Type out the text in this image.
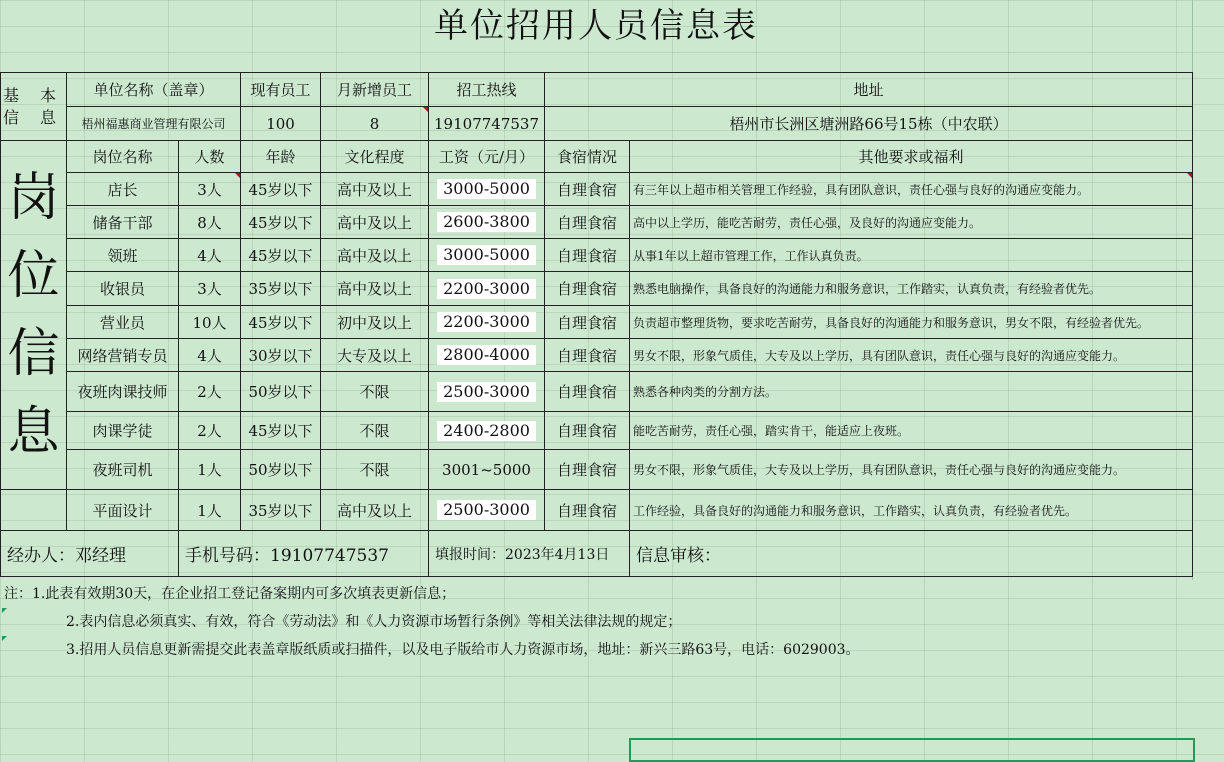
单位招用人员信息表
基 本 信 息	单位名称（盖章）		现有员工	月新增员工	招工热线	地址	
	梧州福惠商业管理有限公司		100	8	19107747537	梧州市长洲区塘洲路66号15栋（中农联）	
岗位信息	岗位名称	人数	年龄	文化程度	工资（元/月）	食宿情况	其他要求或福利
	店长	3人	45岁以下	高中及以上	3000-5000	自理食宿	有三年以上超市相关管理工作经验，具有团队意识，责任心强与良好的沟通应变能力。

	储备干部	8人	45岁以下	高中及以上	2600-3800	自理食宿	高中以上学历，能吃苦耐劳，责任心强，及良好的沟通应变能力。
	领班	4人	45岁以下	高中及以上	3000-5000	自理食宿	从事1年以上超市管理工作，工作认真负责。
	收银员	3人	35岁以下	高中及以上	2200-3000	自理食宿	熟悉电脑操作，具备良好的沟通能力和服务意识，工作踏实，认真负责，有经验者优先。
	营业员	10人	45岁以下	初中及以上	2200-3000	自理食宿	负责超市整理货物，要求吃苦耐劳，具备良好的沟通能力和服务意识，男女不限，有经验者优先。
	网络营销专员	4人	30岁以下	大专及以上	2800-4000	自理食宿	男女不限，形象气质佳，大专及以上学历，具有团队意识，责任心强与良好的沟通应变能力。
	夜班肉课技师	2人	50岁以下	不限	2500-3000	自理食宿	熟悉各种肉类的分割方法。
	肉课学徒	2人	45岁以下	不限	2400-2800	自理食宿	能吃苦耐劳，责任心强，踏实肯干，能适应上夜班。
	夜班司机	1人	50岁以下	不限	3001~5000	自理食宿	男女不限，形象气质佳，大专及以上学历，具有团队意识，责任心强与良好的沟通应变能力。
	平面设计	1人	35岁以下	高中及以上	2500-3000	自理食宿	工作经验，具备良好的沟通能力和服务意识，工作踏实，认真负责，有经验者优先。
经办人：邓经理		手机号码：19107747537			填报时间：2023年4月13日		信息审核：
注：1.此表有效期30天，在企业招工登记备案期内可多次填表更新信息；
2.表内信息必须真实、有效，符合《劳动法》和《人力资源市场暂行条例》等相关法律法规的规定；
3.招用人员信息更新需提交此表盖章版纸质或扫描件，以及电子版给市人力资源市场，地址：新兴三路63号，电话：6029003。
